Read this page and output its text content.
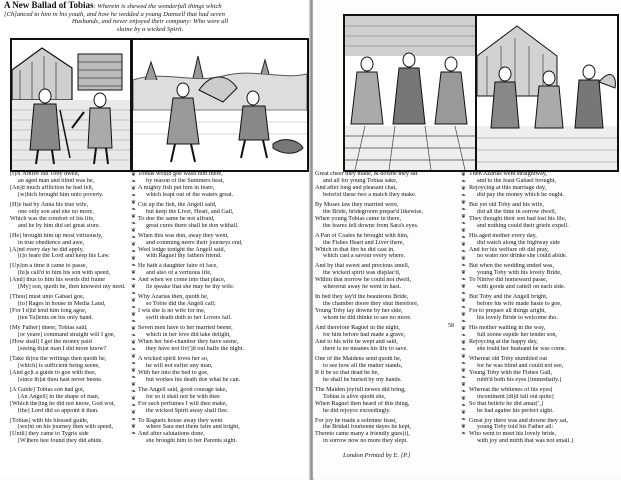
A New Ballad of Tobias: Wherein is shewed the wonderfull things which
[Ch]anced to him in his youth, and how he wedded a young Damsell that had seven
Husbands, and never enjoyed their company: Who were all
slaine by a wicked Spirit.
[I]N Ninive old Toby dwelt,
an aged man and blind was he,
[An]d much affliction he had felt,
[w]hich brought him unto poverty.
[H]e had by Anna his true wife,
one only son and eke no more,
Which was the comfort of his life,
and he by him did set great store.
[He] brought him up most virtuously,
in true obedience and awe,
[A]nd every day he did apply,
[t]o feare the Lord and keep his Law.
[Up]on a time it came to passe,
[hi]s call'd to him his son with speed,
[And] thus to him his words did frame
[My] son, quoth he, then knowest my need.
[Thou] must unto Gabael goe,
[to] Rages in house in Media Land,
[For I d]id lend him long agoe,
[ten Ta]lents on his only band.
[My Father] dneer, Tobias said,
[or yeare] command straight will I goe,
[How shall] I get the money paid
[seeing th]at man I did more know?
[Take th]ou the writings then quoth he,
[which] is sufficient being seene,
[And ge]t a guide to goe with thee,
[since th]at thou hast never beene.
[A Guide] Tobias son had got,
[An Angell] in the shape of man,
[Which the]ing he did not know, God wot,
[the] Lord did so appoint it than.
[Tobias] with his blessed guide,
[we]nt on his journey then with speed,
[Until] they came to Tygris side
[W]here hee found they did abide.
❦
❧
❦
❧
❦
❧
❦
❧
❦
❧
❦
❧
❦
❧
❦
❧
❦
❧
❦
❧
❦
❧
❦
❧
❦
❧
❦
❧
❦
❧
❦
❧
❦
❧
❦
❧
❦
❧
Tobias would goe wash him there,
by reason of the Summers heat,
A mighty fish put him in feare,
which leapt out of the waters great.
Cut up the fish, the Angell said,
but keep the Liver, Heart, and Gall,
To doe the same he not affraid,
great cures there shall be don withall.
When this was don, away they went,
and comming neere their journeys end,
Weel lodge tonight the Angell said,
with Raguel thy fathers friend.
He hath a daughter faire of face,
and also of a vertuous life,
And when we come into that place,
lle speake that she may be thy wife.
Why Azarias then, quoth he,
so Tobie did the Angell call;
I wis she is no wife for me,
swift death doth to her Lovers fall.
Seven men have to her married beene,
which in her love did take delight,
When her bed-chamber they have seene,
they have not liv[']d out halfe the night.
A wicked spirit loves her so,
he will not suffer any man,
With her into the bed to goe,
but workes his death doe what he can.
The Angell said, good courage take,
for so it shall not be with thee
For such perfumes I will thee make,
the wicked Spirit away shall flee.
To Raguels house away they went
where Sara met them faire and bright,
And after salutations done,
she brought him to her Parents sight.
Great cheer they made, & downe they sat
and all for young Tobias sake,
And after long and pleasant chat,
betwixt these two a match they make.
By Moses law they married were,
the Bride, bridegroom prepar'd likewise,
When young Tobias came in there,
the feares fell downe from Sara's eyes.
A Pan of Coales he brought with him,
the Fishes Heart and Liver there,
Which in that fire he did cast in,
which cast a savour every where.
And by that sweet and precious smell,
the wicked spirit was displac'd,
Within that norrow he could not dwell,
whereout away he went in hast.
In bed they lay'd the beauteous Bride,
the chamber doore they shut therefore,
Young Toby lay downe by her side,
whom he did thinke to see no more.
And therefore Raguel in the night,
for him before had made a grave,
And to his wife he wept and said,
there is no meanes his life to save.
One of the Maidens send quoth he,
to see how all the matter stands,
If it be so that dead he be,
he shall be buried by my hands.
The Maiden joyfull newes did bring,
Tobias is alive quoth she,
When Raguel then heard of this thing,
he did rejoyce exceedingly.
For joy he made a solemne feast,
the Bridall fourteene dayes he kept,
Thereto came many a friendly gues[t],
in sorrow now no more they slept.
58
❦
❧
❦
❧
❦
❧
❦
❧
❦
❧
❦
❧
❦
❧
❦
❧
❦
❧
❦
❧
❦
❧
❦
❧
❦
❧
❦
❧
❦
❧
❦
❧
❦
❧
❦
❧
❦
❧
Then Azarias went straightway,
and to the feast Gabael brought,
Rejoycing at this marriage day,
did pay the money which he ought.
But yet old Toby and his wife,
did all the time in sorrow dwell,
They thought their son had lost his life,
and nothing could their griefe expell.
His aged mother every day,
did watch along the highway side
And for his welfare oft did pray,
no water nor drinke she could abide.
But when the wedding ended was,
young Toby with his lovely Bride,
To Ninive did homeward passe,
with goods and cattell on each side.
But Toby and the Angell bright,
before his wife made haste to goe,
For to prepare all things aright,
his lovely Bride to welcome tho.
His mother waiting in the way,
full soone espide her tender son,
Rejoycing at the happy day,
she tould her husband he was come.
Whereat old Toby stumbled out
for he was blind and could not see,
Young Toby with the Fishes Gall,
rubb'd both his eyes [immediatly.]
Whereat the whitenes of his eyes[
incontinent [di]d fall out quite]
So that beliefe he did amaz[',]
he had againe his perfect sight.
Great joy there was and downe they sat,
young Toby told his Father all:
Who went to meet his lovely bride,
with joy and mirth that was not small.]
London Printed by E. [P.]
